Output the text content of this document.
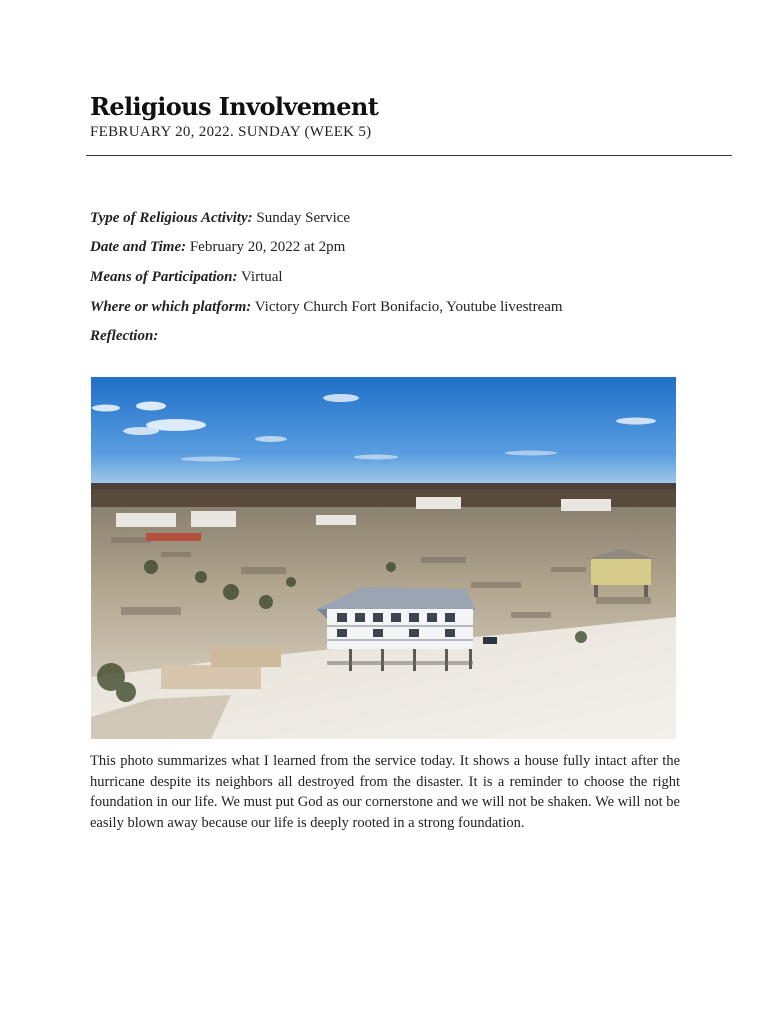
Religious Involvement
FEBRUARY 20, 2022. SUNDAY (WEEK 5)
Type of Religious Activity: Sunday Service
Date and Time: February 20, 2022 at 2pm
Means of Participation: Virtual
Where or which platform: Victory Church Fort Bonifacio, Youtube livestream
Reflection:

This photo summarizes what I learned from the service today. It shows a house fully intact after the hurricane despite its neighbors all destroyed from the disaster. It is a reminder to choose the right foundation in our life. We must put God as our cornerstone and we will not be shaken. We will not be easily blown away because our life is deeply rooted in a strong foundation.
